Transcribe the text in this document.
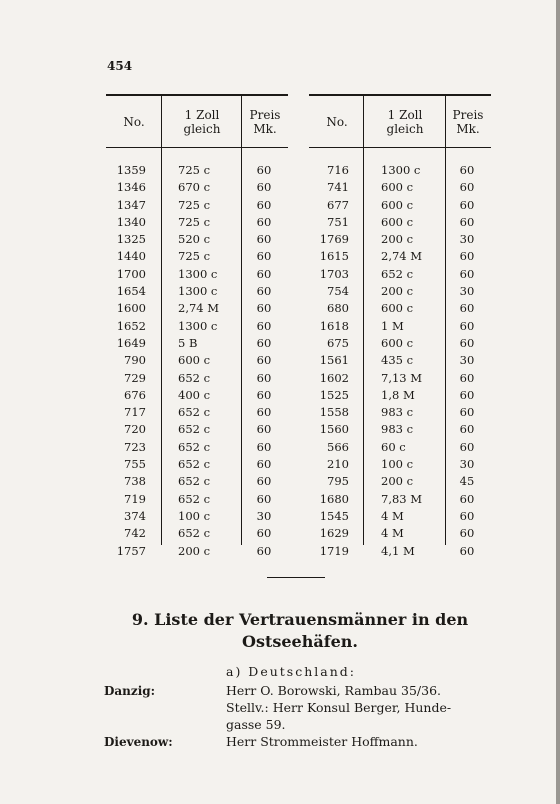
454
No.	1 Zoll
gleich
Preis
Mk.
1359	725 c	60
1346	670 c	60
1347	725 c	60
1340	725 c	60
1325	520 c	60
1440	725 c	60
1700	1300 c	60
1654	1300 c	60
1600	2,74 M	60
1652	1300 c	60
1649	5 B	60
790	600 c	60
729	652 c	60
676	400 c	60
717	652 c	60
720	652 c	60
723	652 c	60
755	652 c	60
738	652 c	60
719	652 c	60
374	100 c	30
742	652 c	60
1757	200 c	60
No.	1 Zoll
gleich
Preis
Mk.
716	1300 c	60
741	600 c	60
677	600 c	60
751	600 c	60
1769	200 c	30
1615	2,74 M	60
1703	652 c	60
754	200 c	30
680	600 c	60
1618	1 M	60
675	600 c	60
1561	435 c	30
1602	7,13 M	60
1525	1,8 M	60
1558	983 c	60
1560	983 c	60
566	60 c	60
210	100 c	30
795	200 c	45
1680	7,83 M	60
1545	4 M	60
1629	4 M	60
1719	4,1 M	60
9. Liste der Vertrauensmänner in den
Ostseehäfen.
a) Deutschland:
Danzig:	Herr O. Borowski, Rambau 35/36.
Stellv.: Herr Konsul Berger, Hunde-
gasse 59.
Dievenow:	Herr Strommeister Hoffmann.
